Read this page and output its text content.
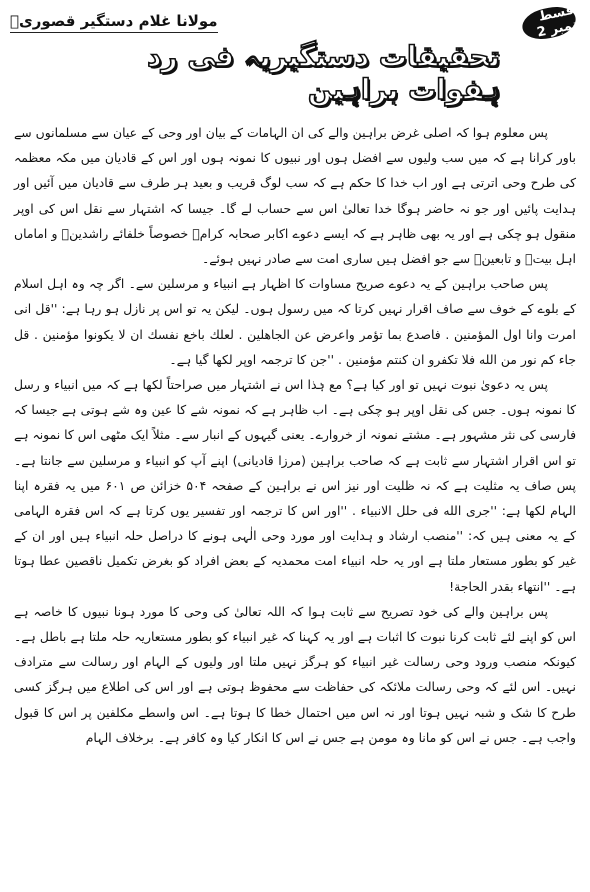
مولانا غلام دستگیر قصوریؒ	قسط نمبر 2
تحقیقات دستگیریہ فی رد ہفوات براہین

پس معلوم ہوا کہ اصلی غرض براہین والے کی ان الہامات کے بیان اور وحی کے عیان سے مسلمانوں سے باور کرانا ہے کہ میں سب ولیوں سے افضل ہوں اور نبیوں کا نمونہ ہوں اور اس کے قادیان میں مکہ معظمہ کی طرح وحی اترتی ہے اور اب خدا کا حکم ہے کہ سب لوگ قریب و بعید ہر طرف سے قادیان میں آئیں اور ہدایت پائیں اور جو نہ حاضر ہوگا خدا تعالیٰ اس سے حساب لے گا۔ جیسا کہ اشتہار سے نقل اس کی اوپر منقول ہو چکی ہے اور یہ بھی ظاہر ہے کہ ایسے دعوے اکابر صحابہ کرامؓ خصوصاً خلفائے راشدینؓ و اماماں اہل بیتؓ و تابعینؒ سے جو افضل ہیں ساری امت سے صادر نہیں ہوئے۔

پس صاحب براہین کے یہ دعوے صریح مساوات کا اظہار ہے انبیاء و مرسلین سے۔ اگر چہ وہ اہل اسلام کے بلوے کے خوف سے صاف اقرار نہیں کرتا کہ میں رسول ہوں۔ لیکن یہ تو اس پر نازل ہو رہا ہے: ''قل انی امرت وانا اول المؤمنین . فاصدع بما تؤمر واعرض عن الجاهلین . لعلك باخع نفسك ان لا یكونوا مؤمنین . قل جاء كم نور من الله فلا تكفرو ان كنتم مؤمنین . ''جن کا ترجمہ اوپر لکھا گیا ہے۔

پس یہ دعویٰ نبوت نہیں تو اور کیا ہے؟ مع ہٰذا اس نے اشتہار میں صراحتاً لکھا ہے کہ میں انبیاء و رسل کا نمونہ ہوں۔ جس کی نقل اوپر ہو چکی ہے۔ اب ظاہر ہے کہ نمونہ شے کا عین وہ شے ہوتی ہے جیسا کہ فارسی کی نثر مشہور ہے۔ مشتے نمونہ از خروارے۔ یعنی گیہوں کے انبار سے۔ مثلاً ایک مٹھی اس کا نمونہ ہے تو اس اقرار اشتہار سے ثابت ہے کہ صاحب براہین (مرزا قادیانی) اپنے آپ کو انبیاء و مرسلین سے جانتا ہے۔ پس صاف یہ مثلیت ہے کہ نہ ظلیت اور نیز اس نے براہین کے صفحہ ۵۰۴ خزائن ص ۶۰۱ میں یہ فقرہ اپنا الہام لکھا ہے: ''جری الله فی حلل الانبیاء . ''اور اس کا ترجمہ اور تفسیر یوں کرتا ہے کہ اس فقرہ الہامی کے یہ معنی ہیں کہ: ''منصب ارشاد و ہدایت اور مورد وحی الٰہی ہونے کا دراصل حلہ انبیاء ہیں اور ان کے غیر کو بطور مستعار ملتا ہے اور یہ حلہ انبیاء امت محمدیہ کے بعض افراد کو بغرض تکمیل ناقصین عطا ہوتا ہے۔ ''انتهاء بقدر الحاجة!

پس براہین والے کی خود تصریح سے ثابت ہوا کہ اللہ تعالیٰ کی وحی کا مورد ہونا نبیوں کا خاصہ ہے اس کو اپنے لئے ثابت کرنا نبوت کا اثبات ہے اور یہ کہنا کہ غیر انبیاء کو بطور مستعاریہ حلہ ملتا ہے باطل ہے۔ کیونکہ منصب ورود وحی رسالت غیر انبیاء کو ہرگز نہیں ملتا اور ولیوں کے الہام اور رسالت سے مترادف نہیں۔ اس لئے کہ وحی رسالت ملائکہ کی حفاظت سے محفوظ ہوتی ہے اور اس کی اطلاع میں ہرگز کسی طرح کا شک و شبہ نہیں ہوتا اور نہ اس میں احتمال خطا کا ہوتا ہے۔ اس واسطے مکلفین پر اس کا قبول واجب ہے۔ جس نے اس کو مانا وہ مومن ہے جس نے اس کا انکار کیا وہ کافر ہے۔ برخلاف الہام
